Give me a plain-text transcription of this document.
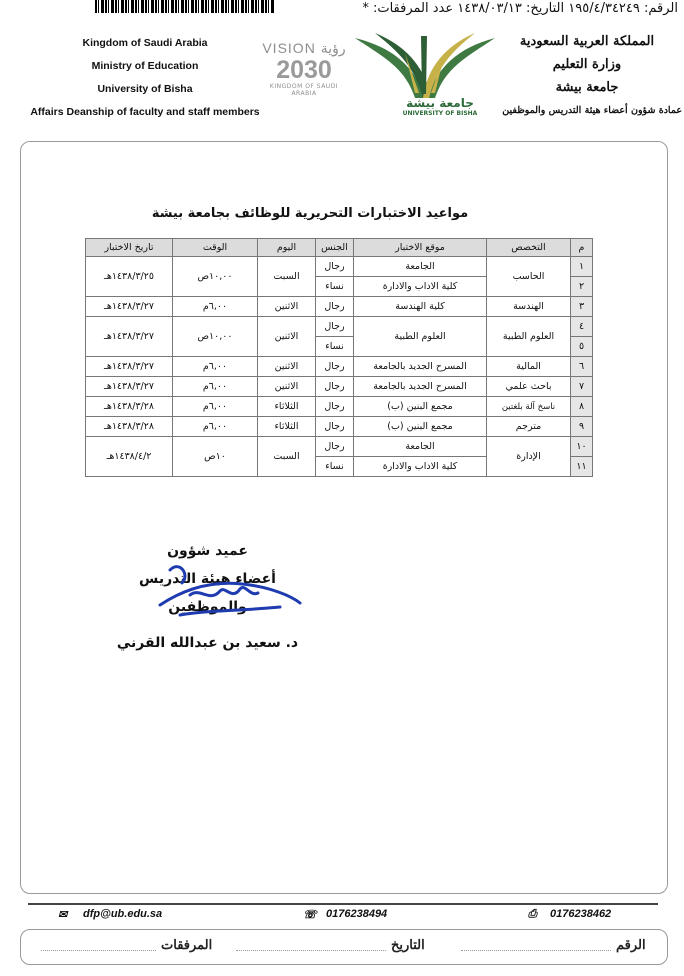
الرقم: ١٩٥/٤/٣٤٢٤٩ التاريخ: ١٤٣٨/٠٣/١٣ عدد المرفقات: *
Kingdom of Saudi Arabia
Ministry of Education
University of Bisha
Affairs Deanship of faculty and staff members
VISION رؤية
2030
KINGDOM OF SAUDI ARABIA
جامعة بيشة
UNIVERSITY OF BISHA
المملكة العربية السعودية
وزارة التعليم
جامعة بيشة
عمادة شؤون أعضاء هيئة التدريس والموظفين
مواعيد الاختبارات التحريرية للوظائف بجامعة بيشة
م	التخصص	موقع الاختبار	الجنس	اليوم	الوقت	تاريخ الاختبار
١	الحاسب	الجامعة	رجال	السبت	١٠,٠٠ص	١٤٣٨/٣/٢٥هـ
٢		كلية الاداب والادارة	نساء			
٣	الهندسة	كلية الهندسة	رجال	الاثنين	٦,٠٠م	١٤٣٨/٣/٢٧هـ
٤	العلوم الطبية	العلوم الطبية	رجال	الاثنين	١٠,٠٠ص	١٤٣٨/٣/٢٧هـ
٥			نساء			
٦	المالية	المسرح الجديد بالجامعة	رجال	الاثنين	٦,٠٠م	١٤٣٨/٣/٢٧هـ
٧	باحث علمي	المسرح الجديد بالجامعة	رجال	الاثنين	٦,٠٠م	١٤٣٨/٣/٢٧هـ
٨	ناسخ آلة بلغتين	مجمع البنين (ب)	رجال	الثلاثاء	٦,٠٠م	١٤٣٨/٣/٢٨هـ
٩	مترجم	مجمع البنين (ب)	رجال	الثلاثاء	٦,٠٠م	١٤٣٨/٣/٢٨هـ
١٠	الإدارة	الجامعة	رجال	السبت	١٠ص	١٤٣٨/٤/٢هـ
١١		كلية الاداب والادارة	نساء			
عميد شؤون
أعضاء هيئة التدريس والموظفين
د. سعيد بن عبدالله القرني
✉ dfp@ub.edu.sa	☏ 0176238494	⎙ 0176238462
المرفقات	التاريخ	الرقم
